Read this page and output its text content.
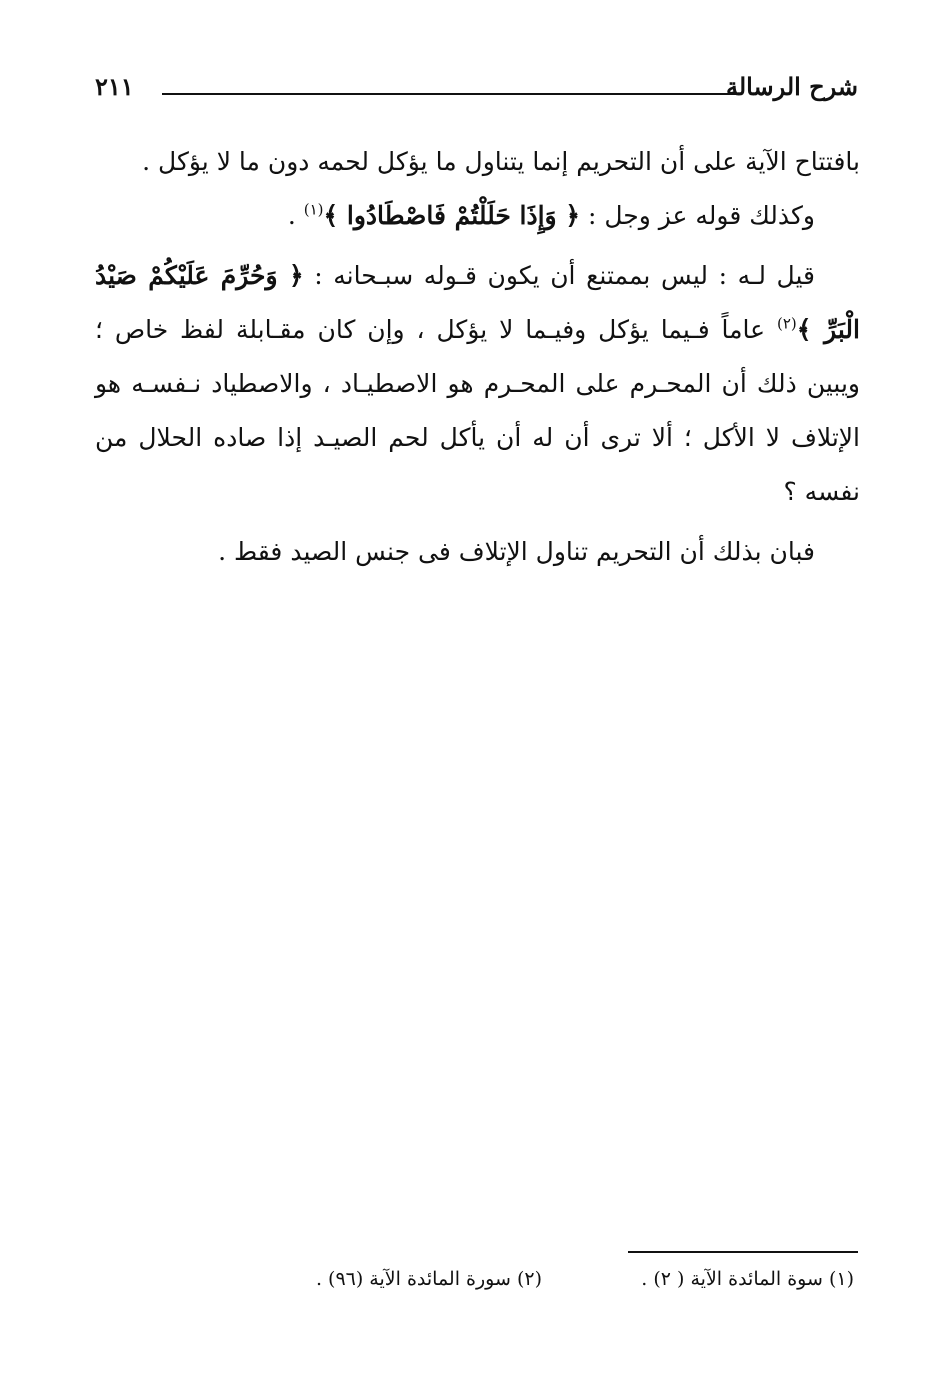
شرح الرسالة
٢١١

بافتتاح الآية على أن التحريم إنما يتناول ما يؤكل لحمه دون ما لا يؤكل .

وكذلك قوله عز وجل : ﴿ وَإِذَا حَلَلْتُمْ فَاصْطَادُوا ﴾$^{(١)}$ .

قيل لـه : ليس بممتنع أن يكون قـوله سبـحانه : ﴿ وَحُرِّمَ عَلَيْكُمْ صَيْدُ الْبَرِّ ﴾$^{(٢)}$ عاماً فـيما يؤكل وفيـما لا يؤكل ، وإن كان مقـابلة لفظ خاص ؛ ويبين ذلك أن المحـرم على المحـرم هو الاصطيـاد ، والاصطياد نـفسـه هو الإتلاف لا الأكل ؛ ألا ترى أن له أن يأكل لحم الصيـد إذا صاده الحلال من نفسه ؟

فبان بذلك أن التحريم تناول الإتلاف فى جنس الصيد فقط .

(١) سوة المائدة الآية ( ٢) .
(٢) سورة المائدة الآية (٩٦) .
